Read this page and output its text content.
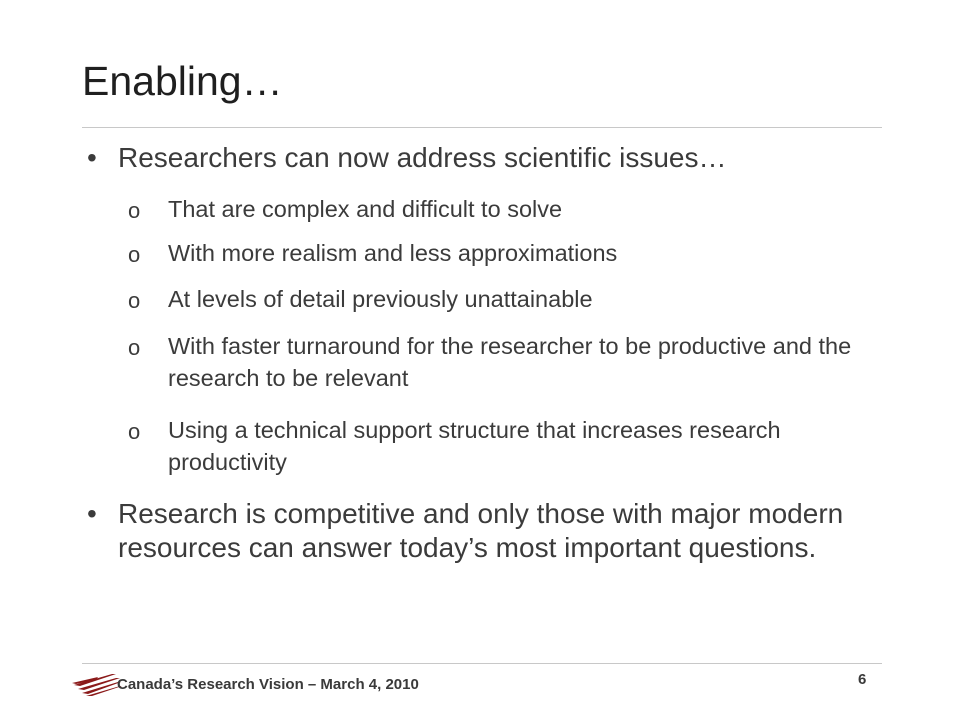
Enabling…
• Researchers can now address scientific issues…
o	That are complex and difficult to solve
o	With more realism and less approximations
o	At levels of detail previously unattainable
o	With faster turnaround for the researcher to be productive and the research to be relevant
o	Using a technical support structure that increases research productivity
• Research is competitive and only those with major modern resources can answer today’s most important questions.
Canada’s Research Vision – March 4, 2010	6
